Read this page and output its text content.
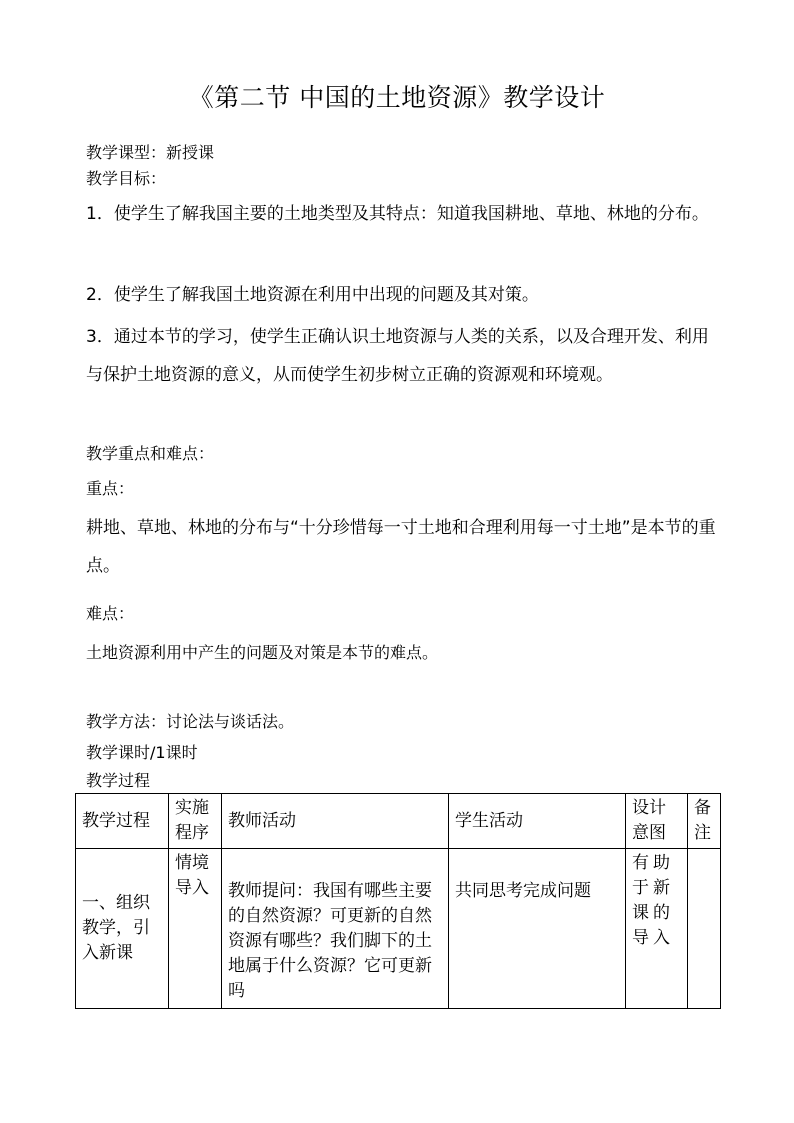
《第二节 中国的土地资源》教学设计
教学课型：新授课
教学目标：
1．使学生了解我国主要的土地类型及其特点：知道我国耕地、草地、林地的分布。
2．使学生了解我国土地资源在利用中出现的问题及其对策。
3．通过本节的学习，使学生正确认识土地资源与人类的关系，以及合理开发、利用与保护土地资源的意义，从而使学生初步树立正确的资源观和环境观。
教学重点和难点：
重点：
耕地、草地、林地的分布与“十分珍惜每一寸土地和合理利用每一寸土地”是本节的重点。
难点：
土地资源利用中产生的问题及对策是本节的难点。
教学方法：讨论法与谈话法。
教学课时/1课时
教学过程
教学过程	实施程序	教师活动	学生活动	设计意图	备注
一、组织教学，引入新课	情境导入	教师提问：我国有哪些主要的自然资源？可更新的自然资源有哪些？我们脚下的土地属于什么资源？它可更新吗	共同思考完成问题	有助于新课的导入	
